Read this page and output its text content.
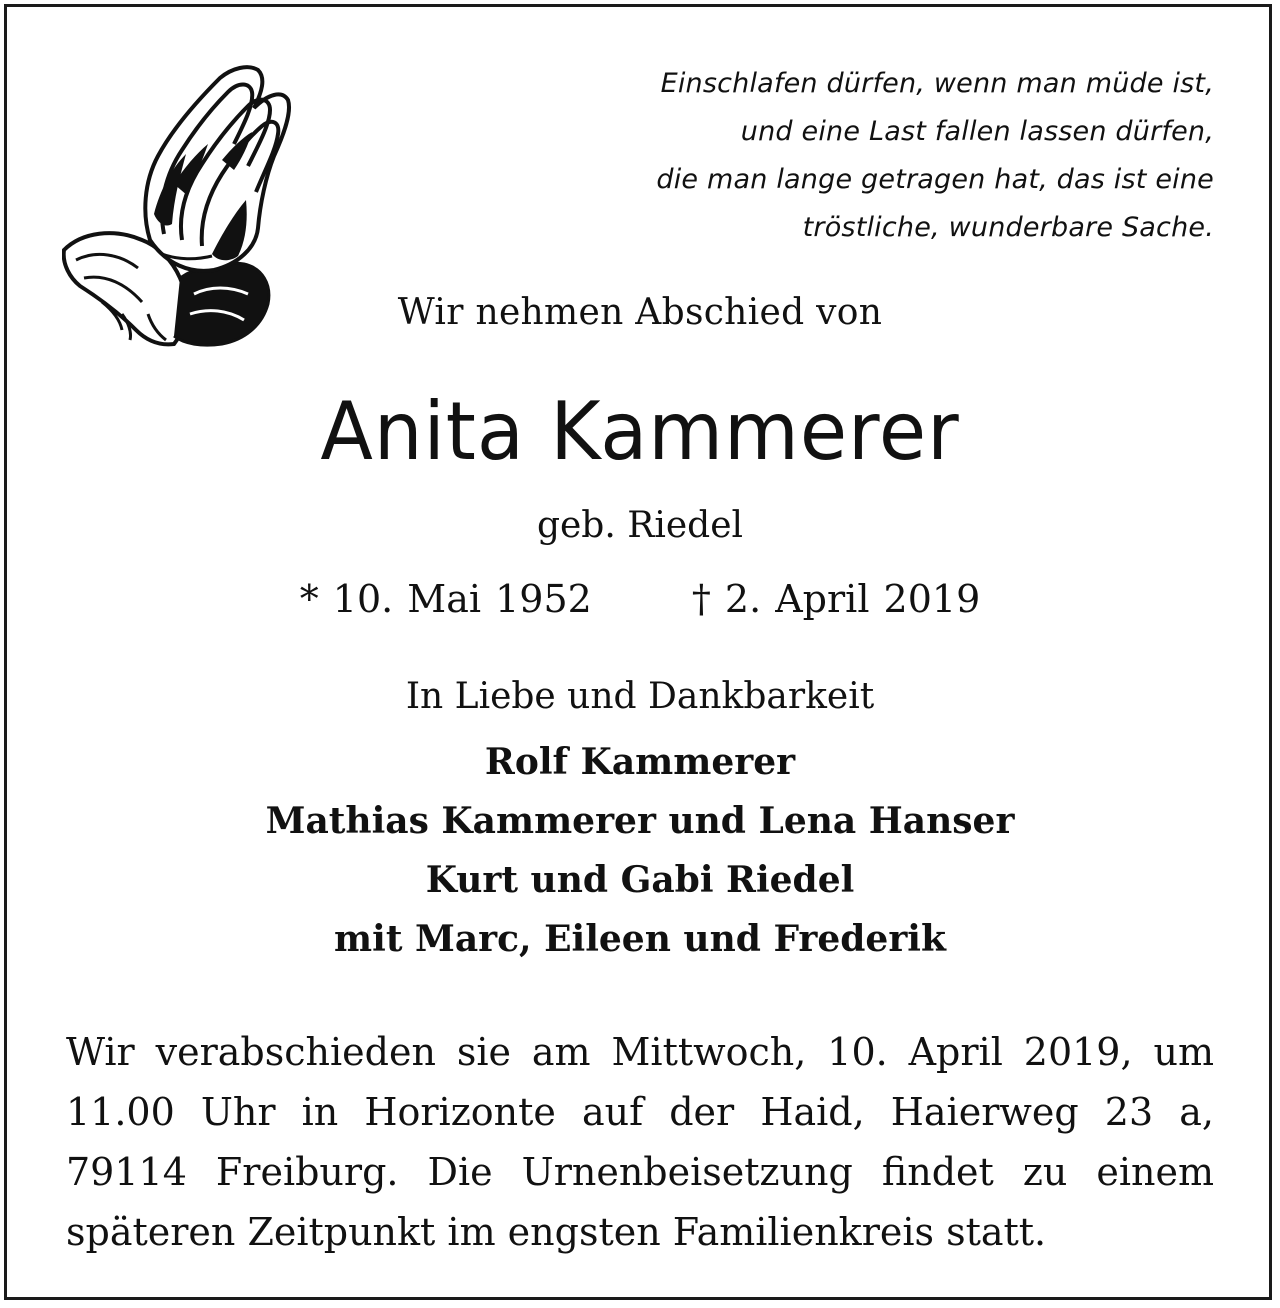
Einschlafen dürfen, wenn man müde ist,
und eine Last fallen lassen dürfen,
die man lange getragen hat, das ist eine
tröstliche, wunderbare Sache.
Wir nehmen Abschied von
Anita Kammerer
geb. Riedel
* 10. Mai 1952	† 2. April 2019
In Liebe und Dankbarkeit
Rolf Kammerer
Mathias Kammerer und Lena Hanser
Kurt und Gabi Riedel
mit Marc, Eileen und Frederik
Wir verabschieden sie am Mittwoch, 10. April 2019, um 11.00 Uhr in Horizonte auf der Haid, Haierweg 23 a, 79114 Freiburg. Die Urnenbeisetzung findet zu einem späteren Zeitpunkt im engsten Familienkreis statt.
